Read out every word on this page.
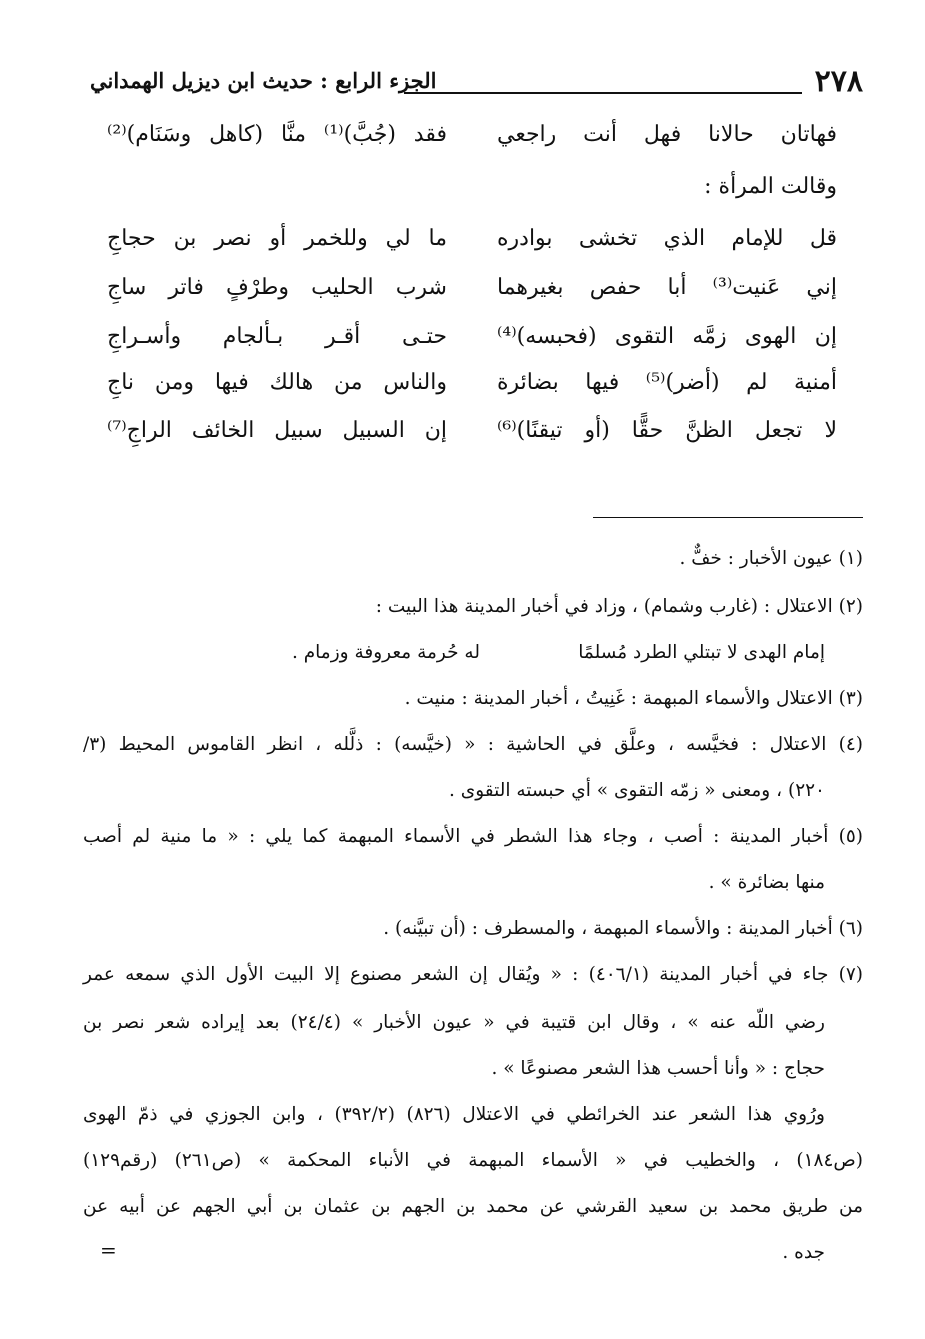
٢٧٨
الجزء الرابع : حديث ابن ديزيل الهمداني
فهاتان حالانا فهل أنت راجعي
فقد (جُبَّ)⁽¹⁾ منَّا (كاهل وسَنَام)⁽²⁾
وقالت المرأة :
قل للإمام الذي تخشى بوادره
ما لي وللخمر أو نصر بن حجاجِ
إني عَنيت⁽³⁾ أبا حفص بغيرهما
شرب الحليب وطرْفٍ فاتر ساجِ
إن الهوى زمَّه التقوى (فحبسه)⁽⁴⁾
حتـى أقـر بـألجام وأسـراجِ
أمنية لم (أضر)⁽⁵⁾ فيها بضائرة
والناس من هالك فيها ومن ناجِ
لا تجعل الظنَّ حقًّا (أو تيقنًا)⁽⁶⁾
إن السبيل سبيل الخائف الراجِ⁽⁷⁾
(١) عيون الأخبار : خفٌّ .
(٢) الاعتلال : (غارب وشمام) ، وزاد في أخبار المدينة هذا البيت :
إمام الهدى لا تبتلي الطرد مُسلمًا
له حُرمة معروفة وزمام .
(٣) الاعتلال والأسماء المبهمة : غَنِيتُ ، أخبار المدينة : منيت .
(٤) الاعتلال : فخيَّسه ، وعلَّق في الحاشية : « (خيَّسه) : ذلَّله ، انظر القاموس المحيط (٣/
٢٢٠) ، ومعنى « زمّه التقوى » أي حبسته التقوى .
(٥) أخبار المدينة : أصب ، وجاء هذا الشطر في الأسماء المبهمة كما يلي : « ما منية لم أصب
منها بضائرة » .
(٦) أخبار المدينة : والأسماء المبهمة ، والمسطرف : (أن تبيَّنه) .
(٧) جاء في أخبار المدينة (٤٠٦/١) : « ويُقال إن الشعر مصنوع إلا البيت الأول الذي سمعه عمر
رضي اللّه عنه » ، وقال ابن قتيبة في « عيون الأخبار » (٢٤/٤) بعد إيراده شعر نصر بن
حجاج : « وأنا أحسب هذا الشعر مصنوعًا » .
ورُوي هذا الشعر عند الخرائطي في الاعتلال (٨٢٦) (٣٩٢/٢) ، وابن الجوزي في ذمّ الهوى
(ص١٨٤) ، والخطيب في « الأسماء المبهمة في الأنباء المحكمة » (ص٢٦١) (رقم١٢٩)
من طريق محمد بن سعيد القرشي عن محمد بن الجهم بن عثمان بن أبي الجهم عن أبيه عن
جده .
=
